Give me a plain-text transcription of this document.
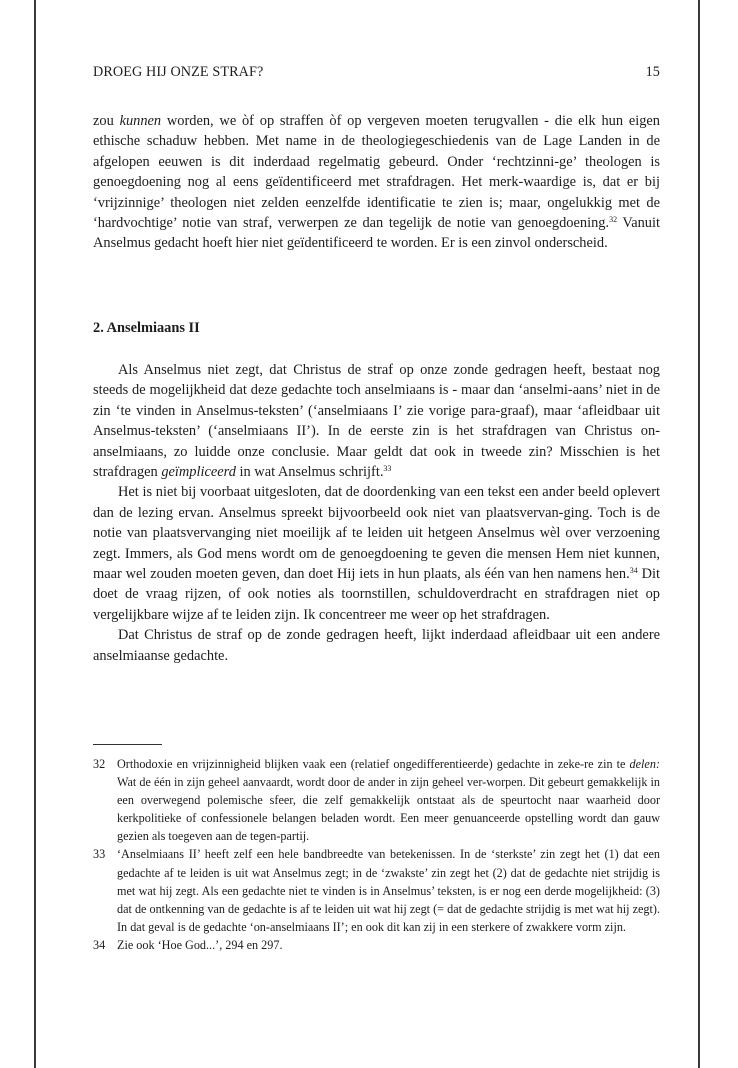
DROEG HIJ ONZE STRAF?	15

zou kunnen worden, we òf op straffen òf op vergeven moeten terugvallen - die elk hun eigen ethische schaduw hebben. Met name in de theologiegeschiedenis van de Lage Landen in de afgelopen eeuwen is dit inderdaad regelmatig gebeurd. Onder ‘rechtzinni-ge’ theologen is genoegdoening nog al eens geïdentificeerd met strafdragen. Het merk-waardige is, dat er bij ‘vrijzinnige’ theologen niet zelden eenzelfde identificatie te zien is; maar, ongelukkig met de ‘hardvochtige’ notie van straf, verwerpen ze dan tegelijk de notie van genoegdoening.$^{32}$ Vanuit Anselmus gedacht hoeft hier niet geïdentificeerd te worden. Er is een zinvol onderscheid.

2. Anselmiaans II

Als Anselmus niet zegt, dat Christus de straf op onze zonde gedragen heeft, bestaat nog steeds de mogelijkheid dat deze gedachte toch anselmiaans is - maar dan ‘anselmi-aans’ niet in de zin ‘te vinden in Anselmus-teksten’ (‘anselmiaans I’ zie vorige para-graaf), maar ‘afleidbaar uit Anselmus-teksten’ (‘anselmiaans II’). In de eerste zin is het strafdragen van Christus on-anselmiaans, zo luidde onze conclusie. Maar geldt dat ook in tweede zin? Misschien is het strafdragen geïmpliceerd in wat Anselmus schrijft.$^{33}$

Het is niet bij voorbaat uitgesloten, dat de doordenking van een tekst een ander beeld oplevert dan de lezing ervan. Anselmus spreekt bijvoorbeeld ook niet van plaatsvervan-ging. Toch is de notie van plaatsvervanging niet moeilijk af te leiden uit hetgeen Anselmus wèl over verzoening zegt. Immers, als God mens wordt om de genoegdoening te geven die mensen Hem niet kunnen, maar wel zouden moeten geven, dan doet Hij iets in hun plaats, als één van hen namens hen.$^{34}$ Dit doet de vraag rijzen, of ook noties als toornstillen, schuldoverdracht en strafdragen niet op vergelijkbare wijze af te leiden zijn. Ik concentreer me weer op het strafdragen.

Dat Christus de straf op de zonde gedragen heeft, lijkt inderdaad afleidbaar uit een andere anselmiaanse gedachte.

32 Orthodoxie en vrijzinnigheid blijken vaak een (relatief ongedifferentieerde) gedachte in zeke-re zin te delen: Wat de één in zijn geheel aanvaardt, wordt door de ander in zijn geheel ver-worpen. Dit gebeurt gemakkelijk in een overwegend polemische sfeer, die zelf gemakkelijk ontstaat als de speurtocht naar waarheid door kerkpolitieke of confessionele belangen beladen wordt. Een meer genuanceerde opstelling wordt dan gauw gezien als toegeven aan de tegen-partij.
33 ‘Anselmiaans II’ heeft zelf een hele bandbreedte van betekenissen. In de ‘sterkste’ zin zegt het (1) dat een gedachte af te leiden is uit wat Anselmus zegt; in de ‘zwakste’ zin zegt het (2) dat de gedachte niet strijdig is met wat hij zegt. Als een gedachte niet te vinden is in Anselmus’ teksten, is er nog een derde mogelijkheid: (3) dat de ontkenning van de gedachte is af te leiden uit wat hij zegt (= dat de gedachte strijdig is met wat hij zegt). In dat geval is de gedachte ‘on-anselmiaans II’; en ook dit kan zij in een sterkere of zwakkere vorm zijn.
34 Zie ook ‘Hoe God...’, 294 en 297.
